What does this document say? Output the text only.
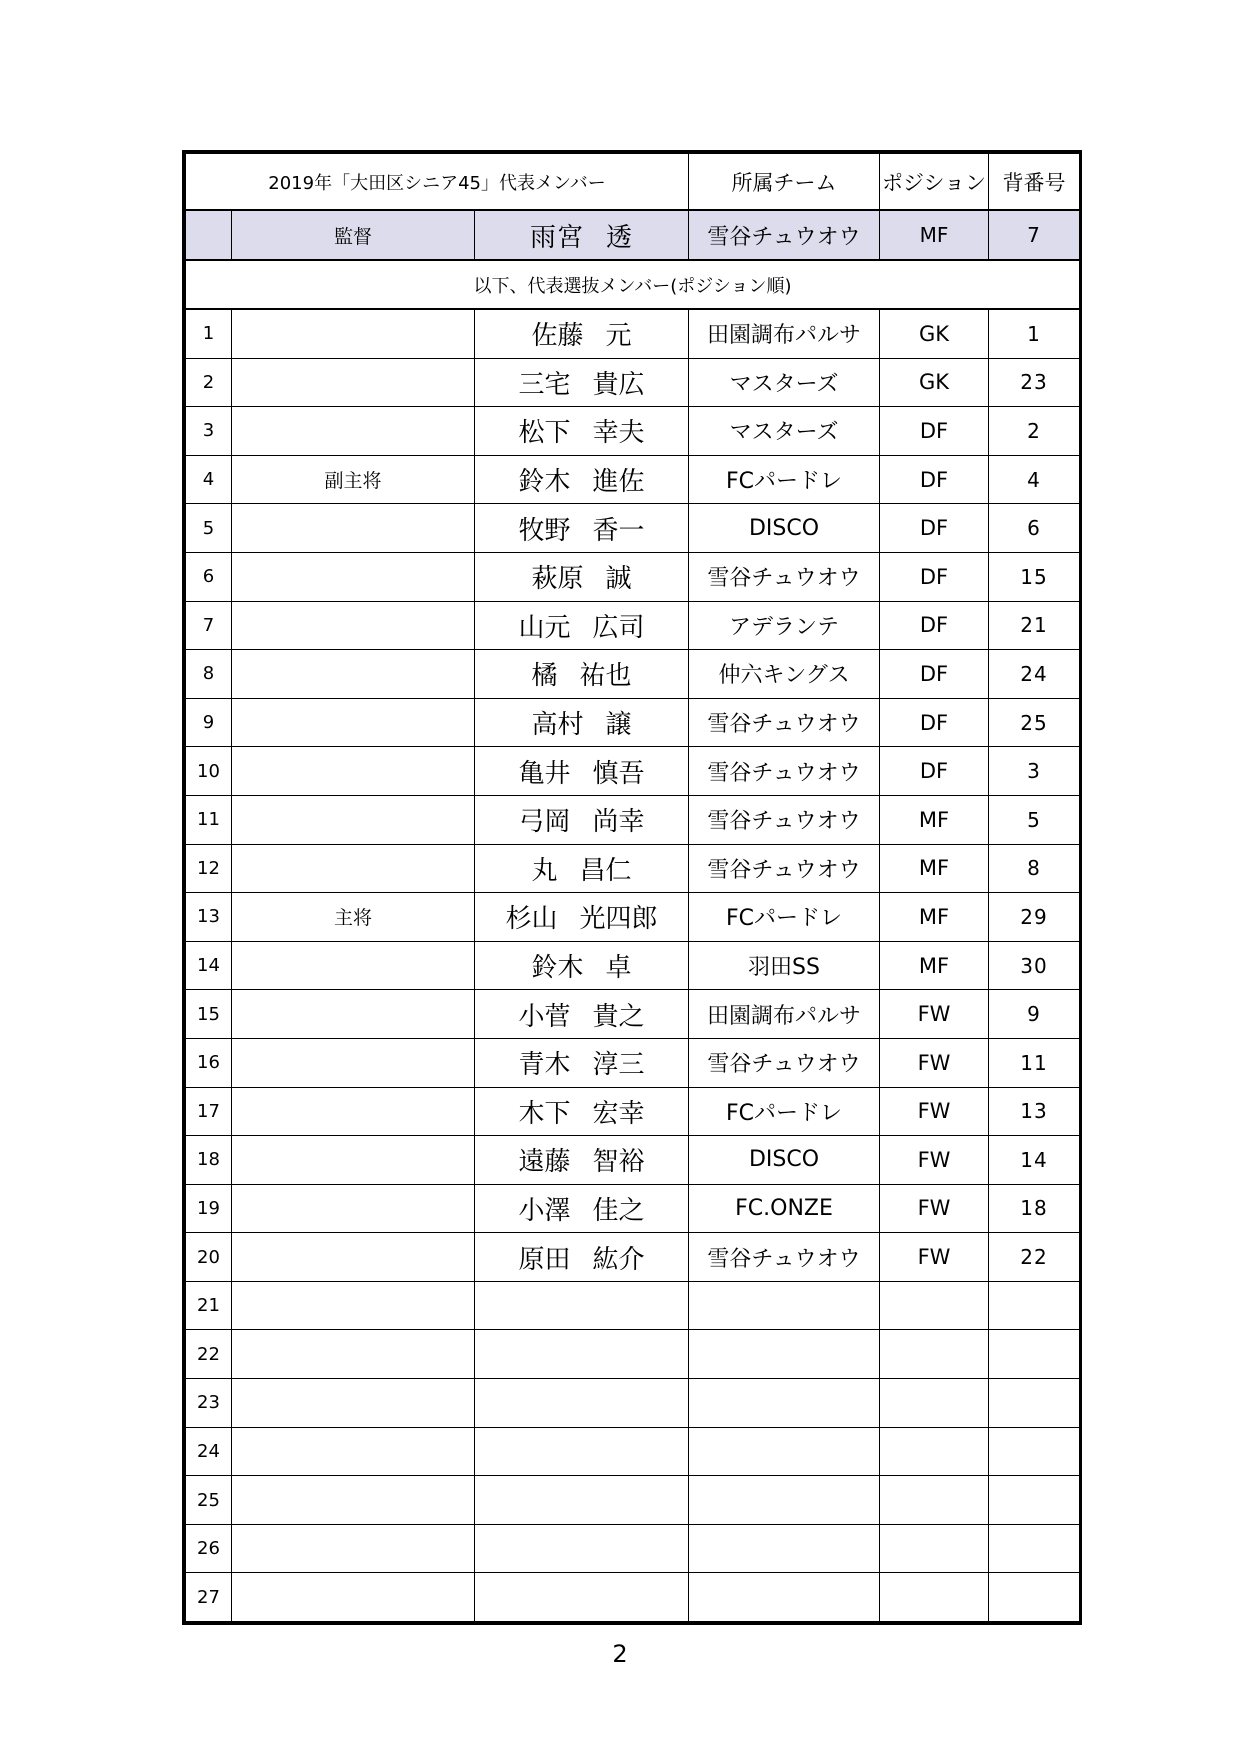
2019年「大田区シニア45」代表メンバー			所属チーム	ポジション	背番号
	監督	雨宮 透	雪谷チュウオウ	MF	7
以下、代表選抜メンバー(ポジション順)					
1		佐藤 元	田園調布パルサ	GK	1
2		三宅 貴広	マスターズ	GK	23
3		松下 幸夫	マスターズ	DF	2
4	副主将	鈴木 進佐	FCパードレ	DF	4
5		牧野 香一	DISCO	DF	6
6		萩原 誠	雪谷チュウオウ	DF	15
7		山元 広司	アデランテ	DF	21
8		橘 祐也	仲六キングス	DF	24
9		高村 譲	雪谷チュウオウ	DF	25
10		亀井 慎吾	雪谷チュウオウ	DF	3
11		弓岡 尚幸	雪谷チュウオウ	MF	5
12		丸 昌仁	雪谷チュウオウ	MF	8
13	主将	杉山 光四郎	FCパードレ	MF	29
14		鈴木 卓	羽田SS	MF	30
15		小菅 貴之	田園調布パルサ	FW	9
16		青木 淳三	雪谷チュウオウ	FW	11
17		木下 宏幸	FCパードレ	FW	13
18		遠藤 智裕	DISCO	FW	14
19		小澤 佳之	FC.ONZE	FW	18
20		原田 紘介	雪谷チュウオウ	FW	22
21					
22					
23					
24					
25					
26					
27					
2
